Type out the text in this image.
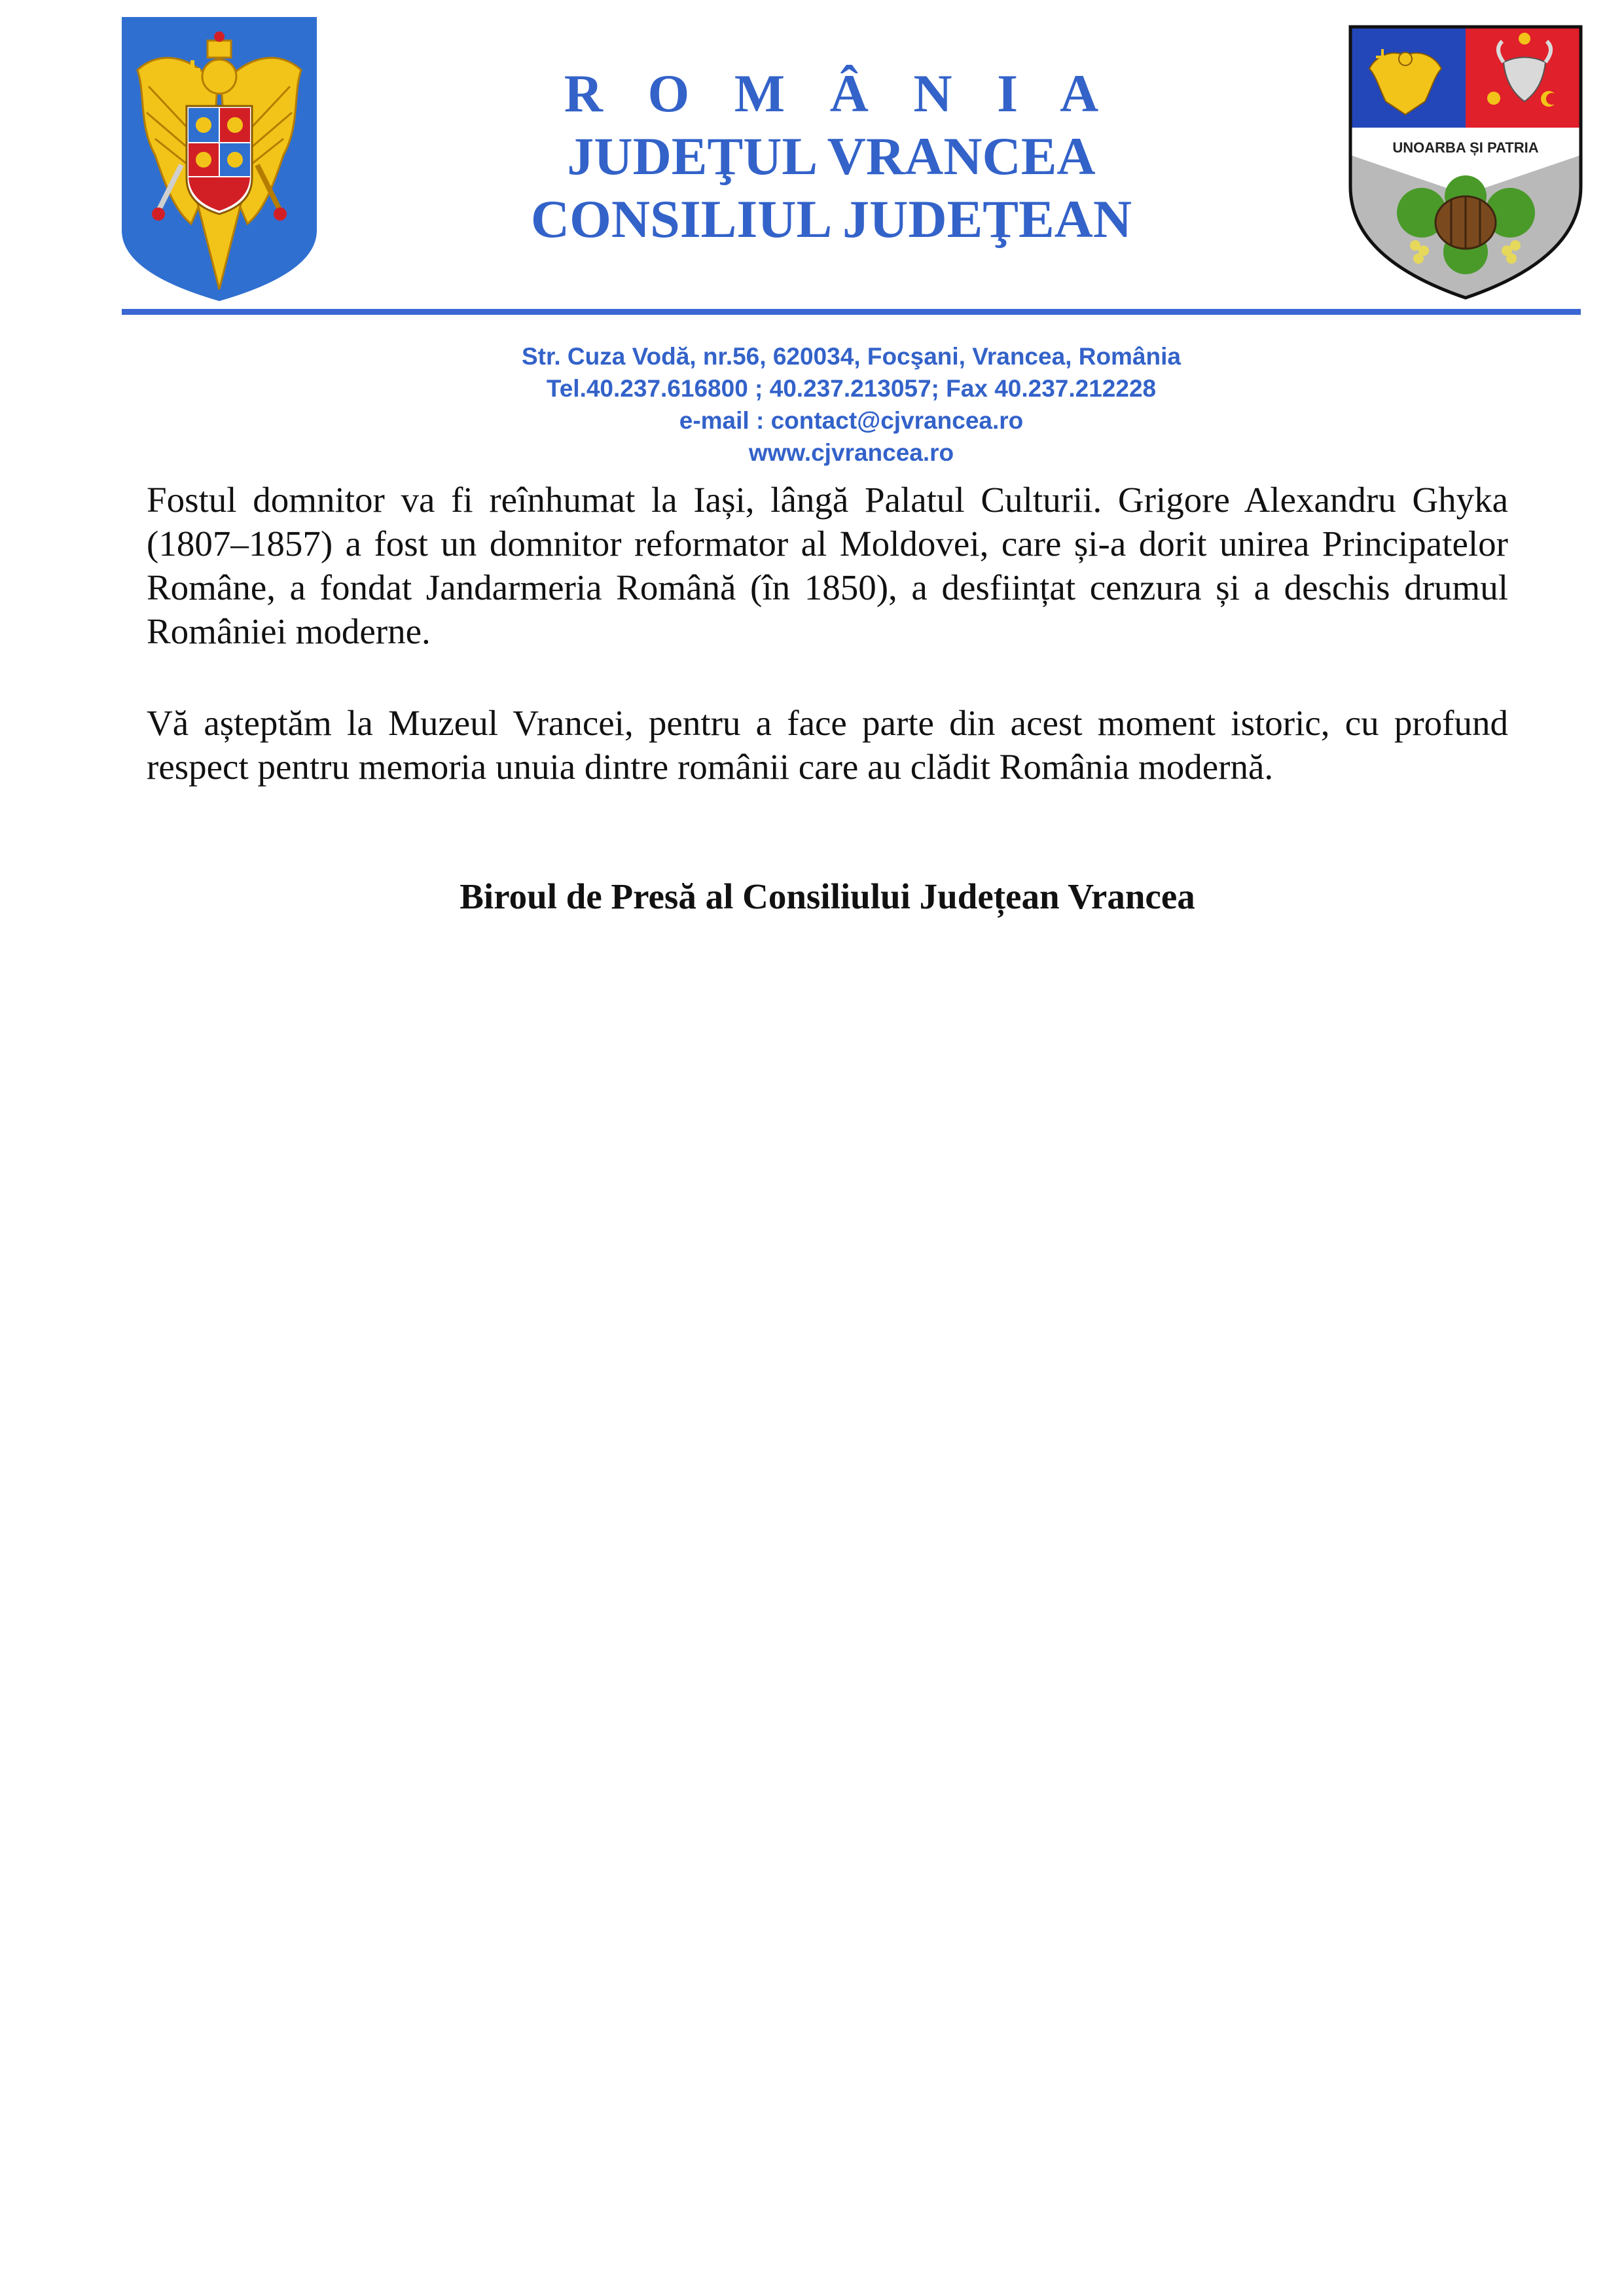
UNOARBA ȘI PATRIA
R O M Â N I A
JUDEŢUL VRANCEA
CONSILIUL JUDEŢEAN
Str. Cuza Vodă, nr.56, 620034, Focşani, Vrancea, România
Tel.40.237.616800 ; 40.237.213057; Fax 40.237.212228
e-mail : contact@cjvrancea.ro
www.cjvrancea.ro

Fostul domnitor va fi reînhumat la Iași, lângă Palatul Culturii. Grigore Alexandru Ghyka (1807–1857) a fost un domnitor reformator al Moldovei, care și-a dorit unirea Principatelor Române, a fondat Jandarmeria Română (în 1850), a desființat cenzura și a deschis drumul României moderne.

Vă așteptăm la Muzeul Vrancei, pentru a face parte din acest moment istoric, cu profund respect pentru memoria unuia dintre românii care au clădit România modernă.

Biroul de Presă al Consiliului Județean Vrancea
